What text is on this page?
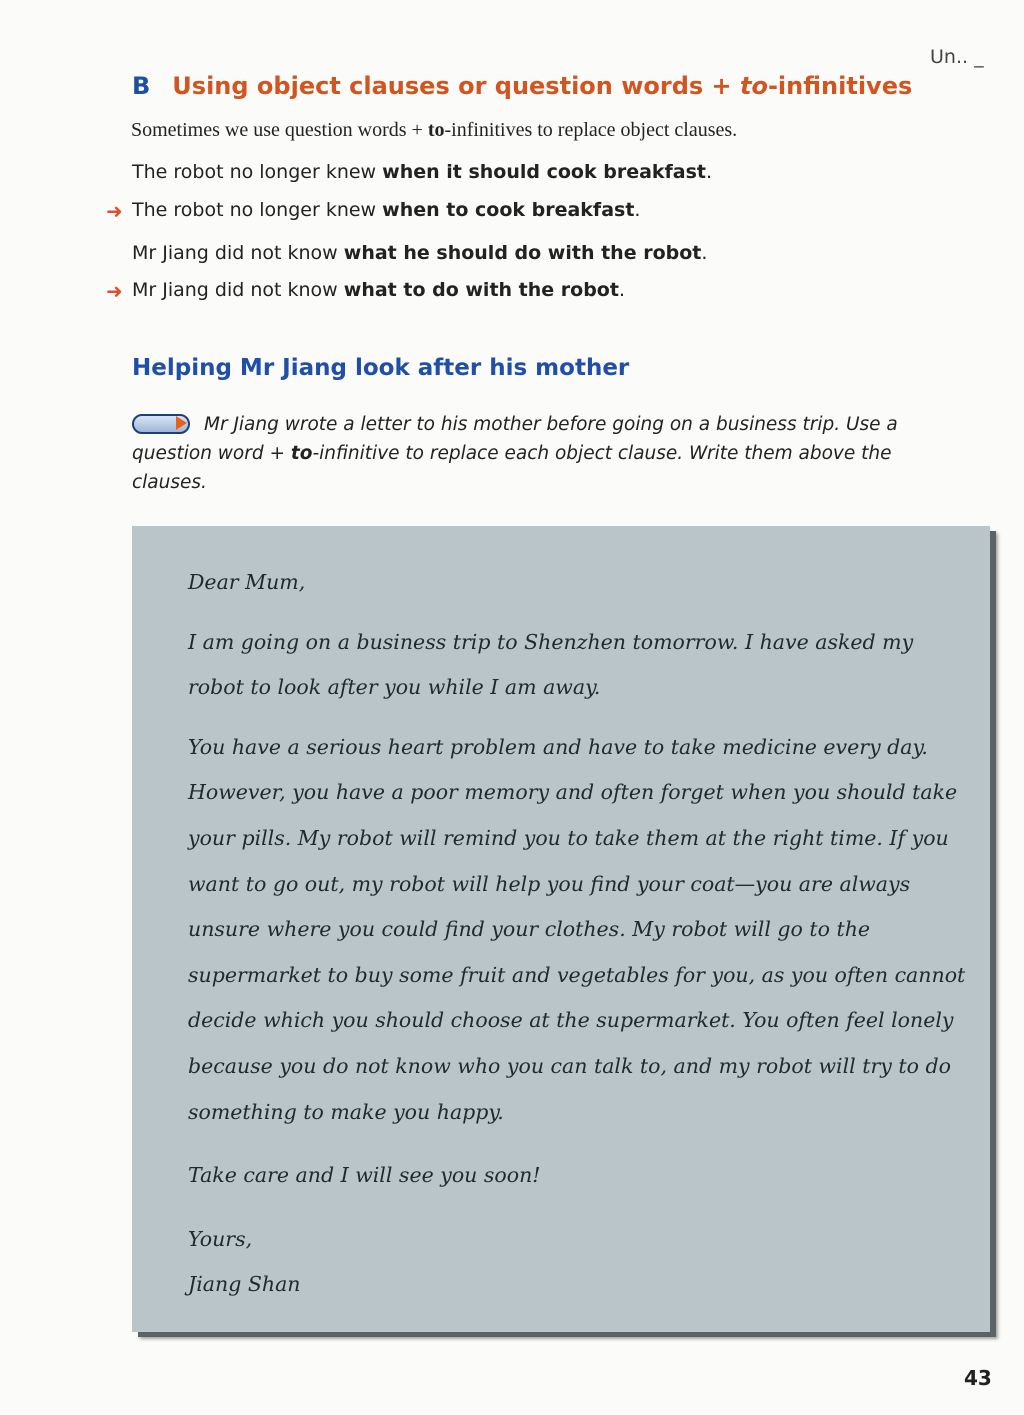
Un.. _
B Using object clauses or question words + to-infinitives
Sometimes we use question words + to-infinitives to replace object clauses.
The robot no longer knew when it should cook breakfast.
➜ The robot no longer knew when to cook breakfast.
Mr Jiang did not know what he should do with the robot.
➜ Mr Jiang did not know what to do with the robot.
Helping Mr Jiang look after his mother
Mr Jiang wrote a letter to his mother before going on a business trip. Use a question word + to-infinitive to replace each object clause. Write them above the clauses.

Dear Mum,

I am going on a business trip to Shenzhen tomorrow. I have asked my robot to look after you while I am away.

You have a serious heart problem and have to take medicine every day. However, you have a poor memory and often forget when you should take your pills. My robot will remind you to take them at the right time. If you want to go out, my robot will help you find your coat—you are always unsure where you could find your clothes. My robot will go to the supermarket to buy some fruit and vegetables for you, as you often cannot decide which you should choose at the supermarket. You often feel lonely because you do not know who you can talk to, and my robot will try to do something to make you happy.

Take care and I will see you soon!

Yours,

Jiang Shan

43
